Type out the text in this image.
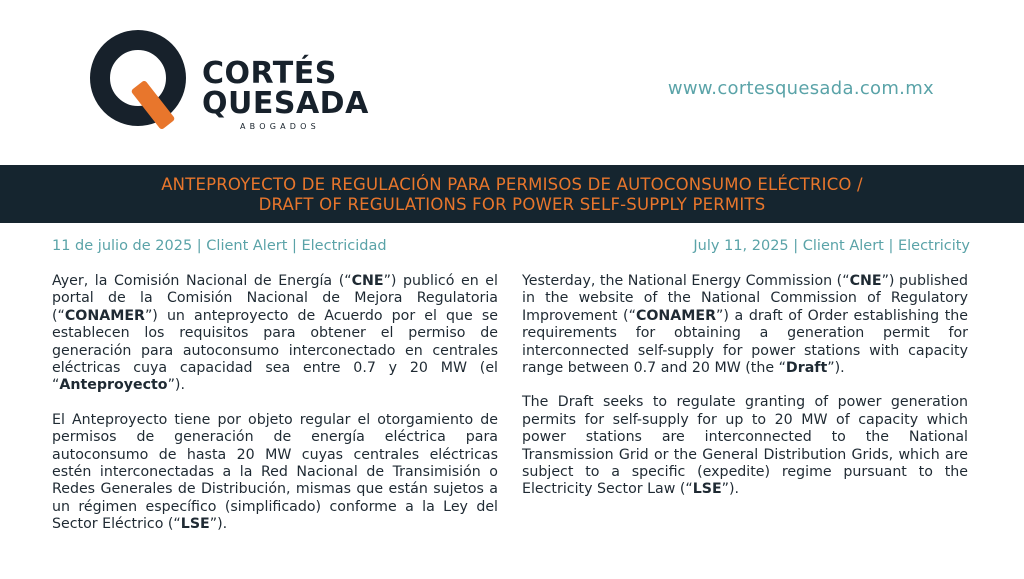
CORTÉS
QUESADA
ABOGADOS
www.cortesquesada.com.mx
ANTEPROYECTO DE REGULACIÓN PARA PERMISOS DE AUTOCONSUMO ELÉCTRICO /
DRAFT OF REGULATIONS FOR POWER SELF-SUPPLY PERMITS
11 de julio de 2025 | Client Alert | Electricidad	July 11, 2025 | Client Alert | Electricity

Ayer, la Comisión Nacional de Energía (“CNE”) publicó en el portal de la Comisión Nacional de Mejora Regulatoria (“CONAMER”) un anteproyecto de Acuerdo por el que se establecen los requisitos para obtener el permiso de generación para autoconsumo interconectado en centrales eléctricas cuya capacidad sea entre 0.7 y 20 MW (el “Anteproyecto”).

El Anteproyecto tiene por objeto regular el otorgamiento de permisos de generación de energía eléctrica para autoconsumo de hasta 20 MW cuyas centrales eléctricas estén interconectadas a la Red Nacional de Transimisión o Redes Generales de Distribución, mismas que están sujetos a un régimen específico (simplificado) conforme a la Ley del Sector Eléctrico (“LSE”).

Yesterday, the National Energy Commission (“CNE”) published in the website of the National Commission of Regulatory Improvement (“CONAMER”) a draft of Order establishing the requirements for obtaining a generation permit for interconnected self-supply for power stations with capacity range between 0.7 and 20 MW (the “Draft”).

The Draft seeks to regulate granting of power generation permits for self-supply for up to 20 MW of capacity which power stations are interconnected to the National Transmission Grid or the General Distribution Grids, which are subject to a specific (expedite) regime pursuant to the Electricity Sector Law (“LSE”).
